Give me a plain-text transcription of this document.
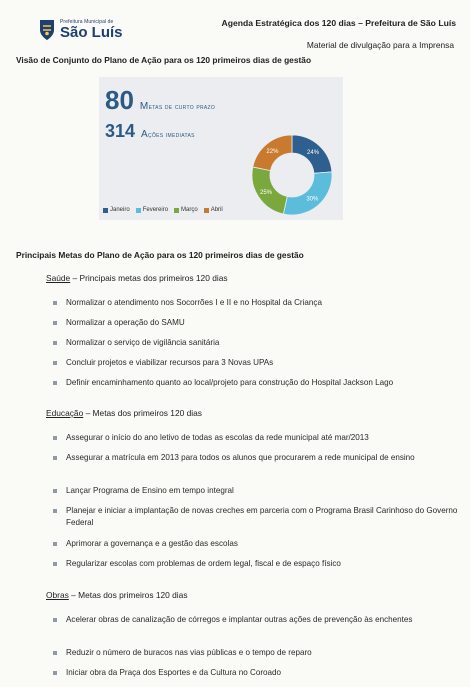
Prefeitura Municipal de
São Luís
Agenda Estratégica dos 120 dias – Prefeitura de São Luís
Material de divulgação para a Imprensa
Visão de Conjunto do Plano de Ação para os 120 primeiros dias de gestão
80 Metas de curto prazo
314 Ações imediatas
24%
30%
25%
22%
Janeiro Fevereiro Março Abril
Principais Metas do Plano de Ação para os 120 primeiros dias de gestão
Saúde – Principais metas dos primeiros 120 dias
Normalizar o atendimento nos Socorrões I e II e no Hospital da Criança
Normalizar a operação do SAMU
Normalizar o serviço de vigilância sanitária
Concluir projetos e viabilizar recursos para 3 Novas UPAs
Definir encaminhamento quanto ao local/projeto para construção do Hospital Jackson Lago
Educação – Metas dos primeiros 120 dias
Assegurar o início do ano letivo de todas as escolas da rede municipal até mar/2013
Assegurar a matrícula em 2013 para todos os alunos que procurarem a rede municipal de ensino
Lançar Programa de Ensino em tempo integral
Planejar e iniciar a implantação de novas creches em parceria com o Programa Brasil Carinhoso do Governo Federal
Aprimorar a governança e a gestão das escolas
Regularizar escolas com problemas de ordem legal, fiscal e de espaço físico
Obras – Metas dos primeiros 120 dias
Acelerar obras de canalização de córregos e implantar outras ações de prevenção às enchentes
Reduzir o número de buracos nas vias públicas e o tempo de reparo
Iniciar obra da Praça dos Esportes e da Cultura no Coroado
